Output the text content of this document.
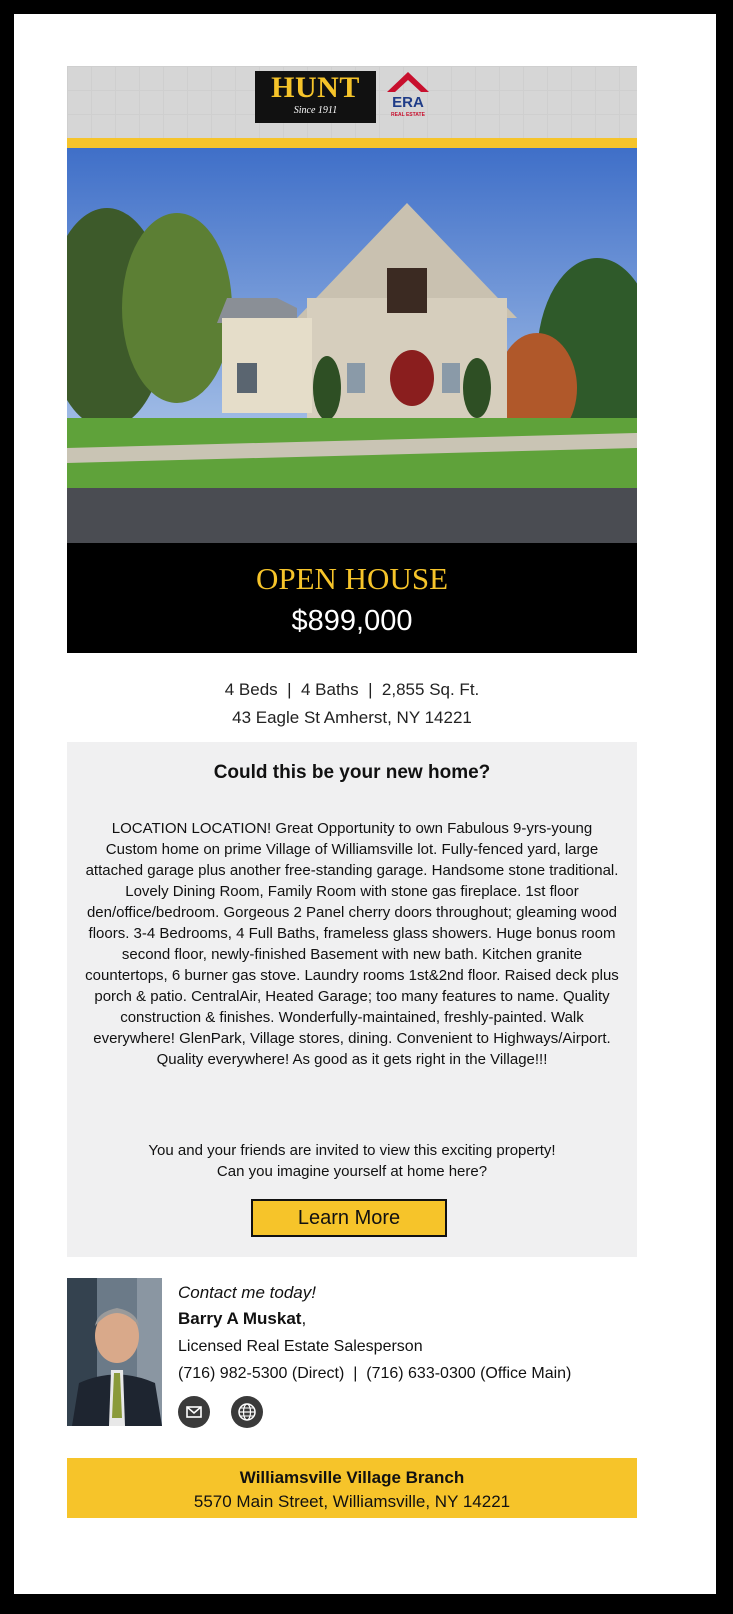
HUNT
Since 1911	ERA
REAL ESTATE
OPEN HOUSE
$899,000
4 Beds  |  4 Baths  |  2,855 Sq. Ft.
43 Eagle St Amherst, NY 14221
Could this be your new home?
LOCATION LOCATION! Great Opportunity to own Fabulous 9-yrs-young Custom home on prime Village of Williamsville lot. Fully-fenced yard, large attached garage plus another free-standing garage. Handsome stone traditional. Lovely Dining Room, Family Room with stone gas fireplace. 1st floor den/office/bedroom. Gorgeous 2 Panel cherry doors throughout; gleaming wood floors. 3-4 Bedrooms, 4 Full Baths, frameless glass showers. Huge bonus room second floor, newly-finished Basement with new bath. Kitchen granite countertops, 6 burner gas stove. Laundry rooms 1st&2nd floor. Raised deck plus porch & patio. CentralAir, Heated Garage; too many features to name. Quality construction & finishes. Wonderfully-maintained, freshly-painted. Walk everywhere! GlenPark, Village stores, dining. Convenient to Highways/Airport. Quality everywhere! As good as it gets right in the Village!!!
You and your friends are invited to view this exciting property!
Can you imagine yourself at home here?
Learn More
Contact me today!
Barry A Muskat,
Licensed Real Estate Salesperson
(716) 982-5300 (Direct)  |  (716) 633-0300 (Office Main)
Williamsville Village Branch
5570 Main Street, Williamsville, NY 14221
